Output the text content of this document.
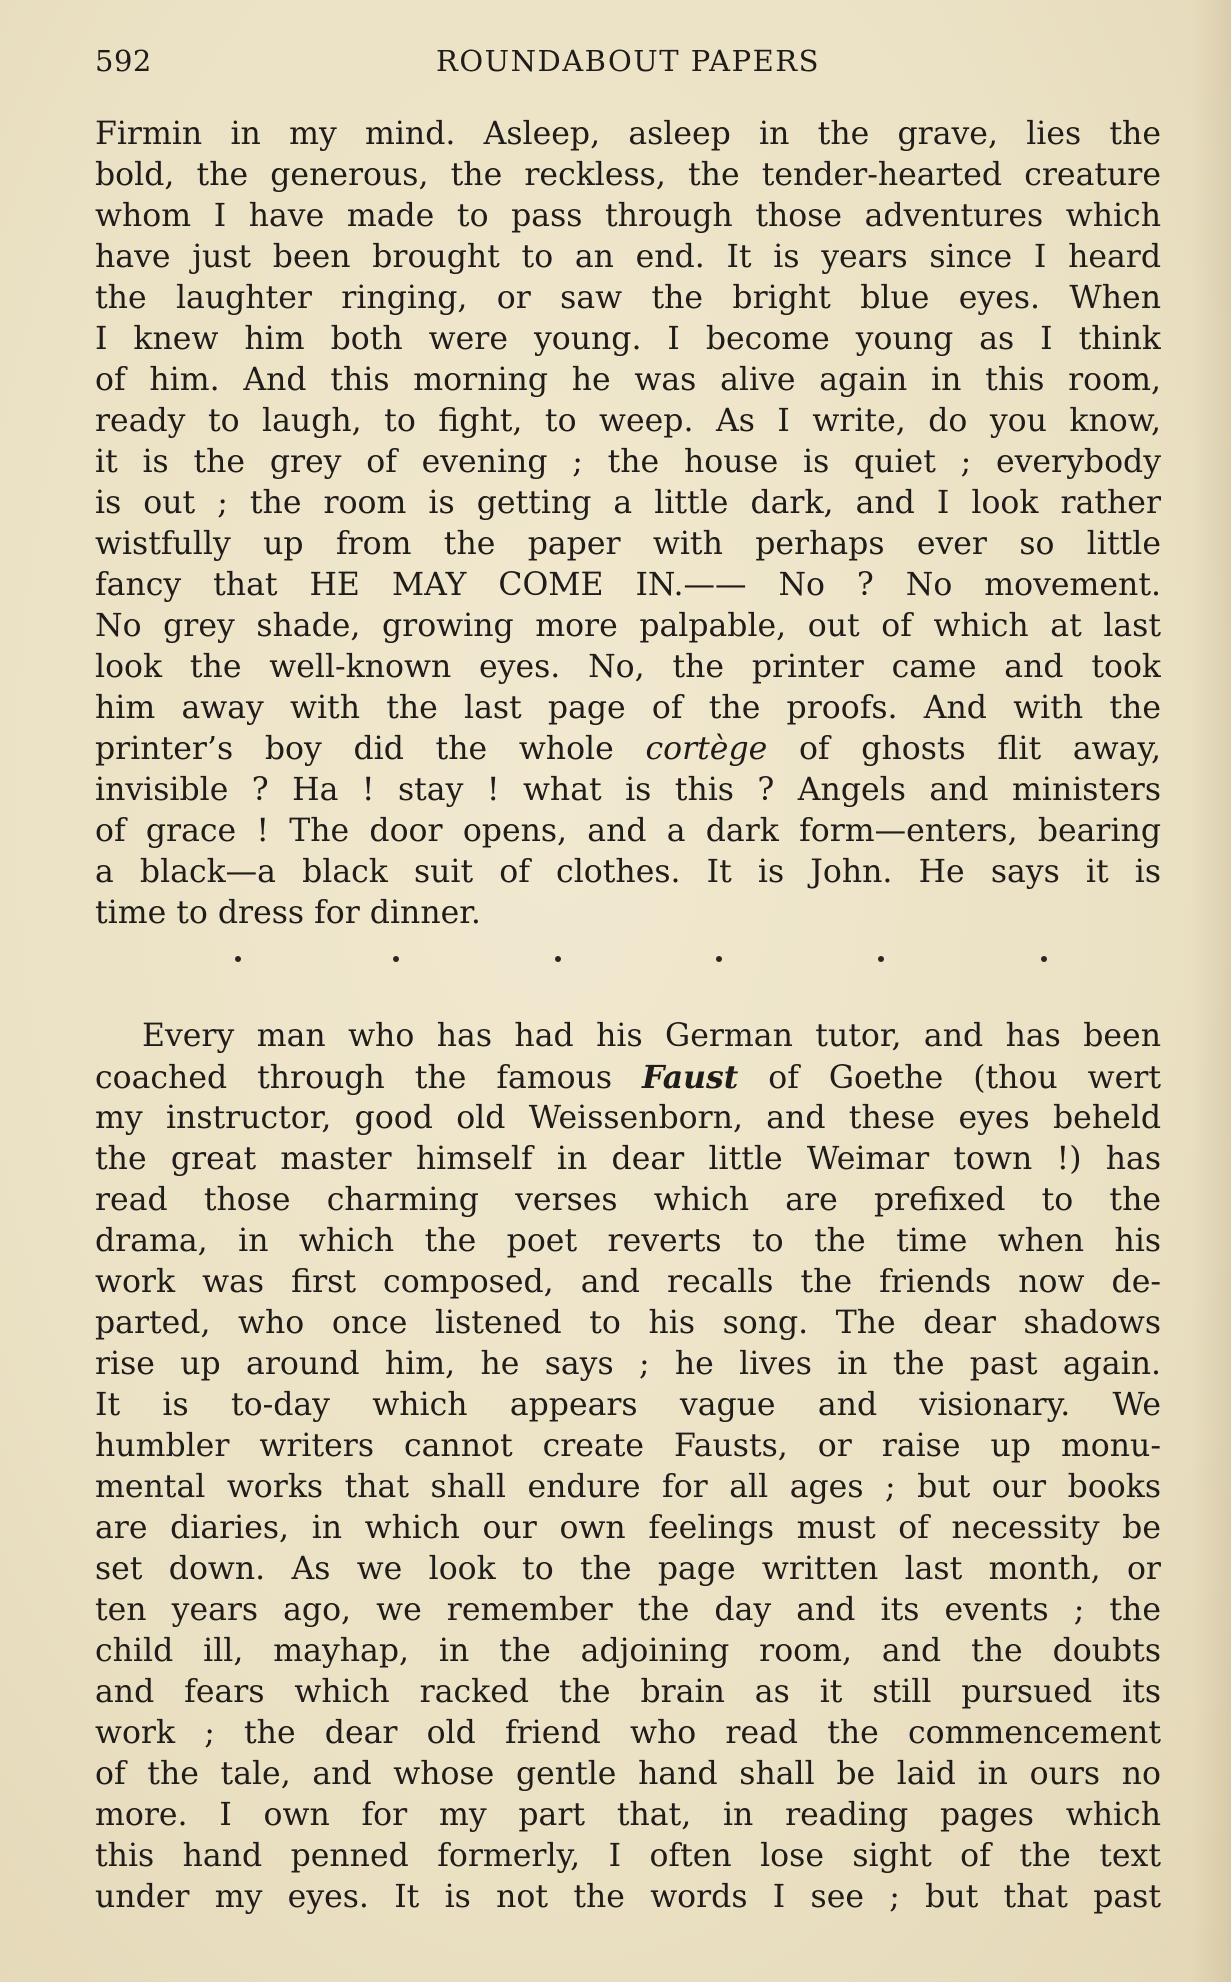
592	ROUNDABOUT PAPERS
Firmin in my mind. Asleep, asleep in the grave, lies the
bold, the generous, the reckless, the tender-hearted creature
whom I have made to pass through those adventures which
have just been brought to an end. It is years since I heard
the laughter ringing, or saw the bright blue eyes. When
I knew him both were young. I become young as I think
of him. And this morning he was alive again in this room,
ready to laugh, to fight, to weep. As I write, do you know,
it is the grey of evening ; the house is quiet ; everybody
is out ; the room is getting a little dark, and I look rather
wistfully up from the paper with perhaps ever so little
fancy that HE MAY COME IN.—— No ? No movement.
No grey shade, growing more palpable, out of which at last
look the well-known eyes. No, the printer came and took
him away with the last page of the proofs. And with the
printer’s boy did the whole cortège of ghosts flit away,
invisible ? Ha ! stay ! what is this ? Angels and ministers
of grace ! The door opens, and a dark form—enters, bearing
a black—a black suit of clothes. It is John. He says it is
time to dress for dinner.
Every man who has had his German tutor, and has been
coached through the famous Faust of Goethe (thou wert
my instructor, good old Weissenborn, and these eyes beheld
the great master himself in dear little Weimar town !) has
read those charming verses which are prefixed to the
drama, in which the poet reverts to the time when his
work was first composed, and recalls the friends now de-
parted, who once listened to his song. The dear shadows
rise up around him, he says ; he lives in the past again.
It is to-day which appears vague and visionary. We
humbler writers cannot create Fausts, or raise up monu-
mental works that shall endure for all ages ; but our books
are diaries, in which our own feelings must of necessity be
set down. As we look to the page written last month, or
ten years ago, we remember the day and its events ; the
child ill, mayhap, in the adjoining room, and the doubts
and fears which racked the brain as it still pursued its
work ; the dear old friend who read the commencement
of the tale, and whose gentle hand shall be laid in ours no
more. I own for my part that, in reading pages which
this hand penned formerly, I often lose sight of the text
under my eyes. It is not the words I see ; but that past
